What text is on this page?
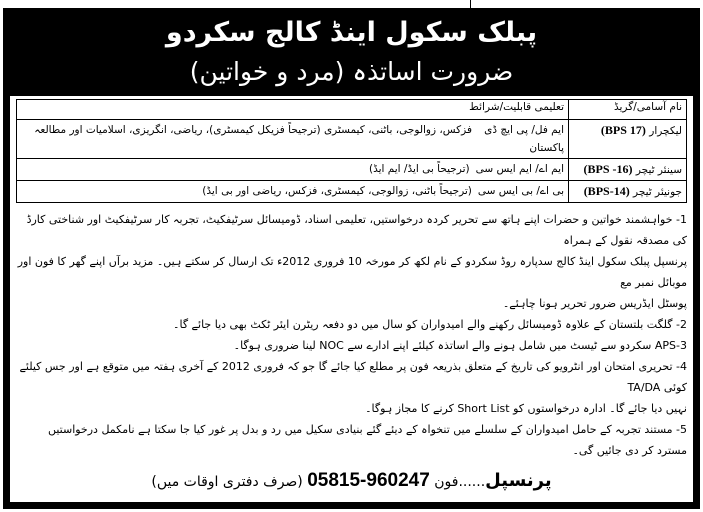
پبلک سکول اینڈ کالج سکردو
ضرورت اساتذہ (مرد و خواتین)
نام آسامی/گریڈ	تعلیمی قابلیت/شرائط
لیکچرار (BPS 17)	ایم فل/ پی ایچ ڈیفزکس، زوالوجی، باٹنی، کیمسٹری (ترجیحاً فزیکل کیمسٹری)، ریاضی، انگریزی، اسلامیات اور مطالعہ پاکستان
سینئر ٹیچر (BPS -16)	ایم اے/ ایم ایس سی(ترجیحاً بی ایڈ/ ایم ایڈ)
جونیئر ٹیچر (BPS-14)	بی اے/ بی ایس سی(ترجیحاً باٹنی، زوالوجی، کیمسٹری، فزکس، ریاضی اور بی ایڈ)

1- خواہشمند خواتین و حضرات اپنے ہاتھ سے تحریر کردہ درخواستیں، تعلیمی اسناد، ڈومیسائل سرٹیفکیٹ، تجربہ کار سرٹیفکیٹ اور شناختی کارڈ کی مصدقہ نقول کے ہمراہ

پرنسپل پبلک سکول اینڈ کالج سدپارہ روڈ سکردو کے نام لکھ کر مورخہ 10 فروری 2012ء تک ارسال کر سکتے ہیں۔ مزید برآں اپنے گھر کا فون اور موبائل نمبر مع

پوسٹل ایڈریس ضرور تحریر ہونا چاہئے۔

2- گلگت بلتستان کے علاوہ ڈومیسائل رکھنے والے امیدواران کو سال میں دو دفعہ ریٹرن ایئر ٹکٹ بھی دیا جائے گا۔

APS-3 سکردو سے ٹیسٹ میں شامل ہونے والے اساتذہ کیلئے اپنے ادارے سے NOC لینا ضروری ہوگا۔

4- تحریری امتحان اور انٹرویو کی تاریخ کے متعلق بذریعہ فون پر مطلع کیا جائے گا جو کہ فروری 2012 کے آخری ہفتہ میں متوقع ہے اور جس کیلئے کوئی TA/DA

نہیں دیا جائے گا۔ ادارہ درخواستوں کو Short List کرنے کا مجاز ہوگا۔

5- مستند تجربہ کے حامل امیدواران کے سلسلے میں تنخواہ کے دیئے گئے بنیادی سکیل میں رد و بدل پر غور کیا جا سکتا ہے نامکمل درخواستیں مسترد کر دی جائیں گی۔

پرنسپل......فون 05815-960247 (صرف دفتری اوقات میں)
